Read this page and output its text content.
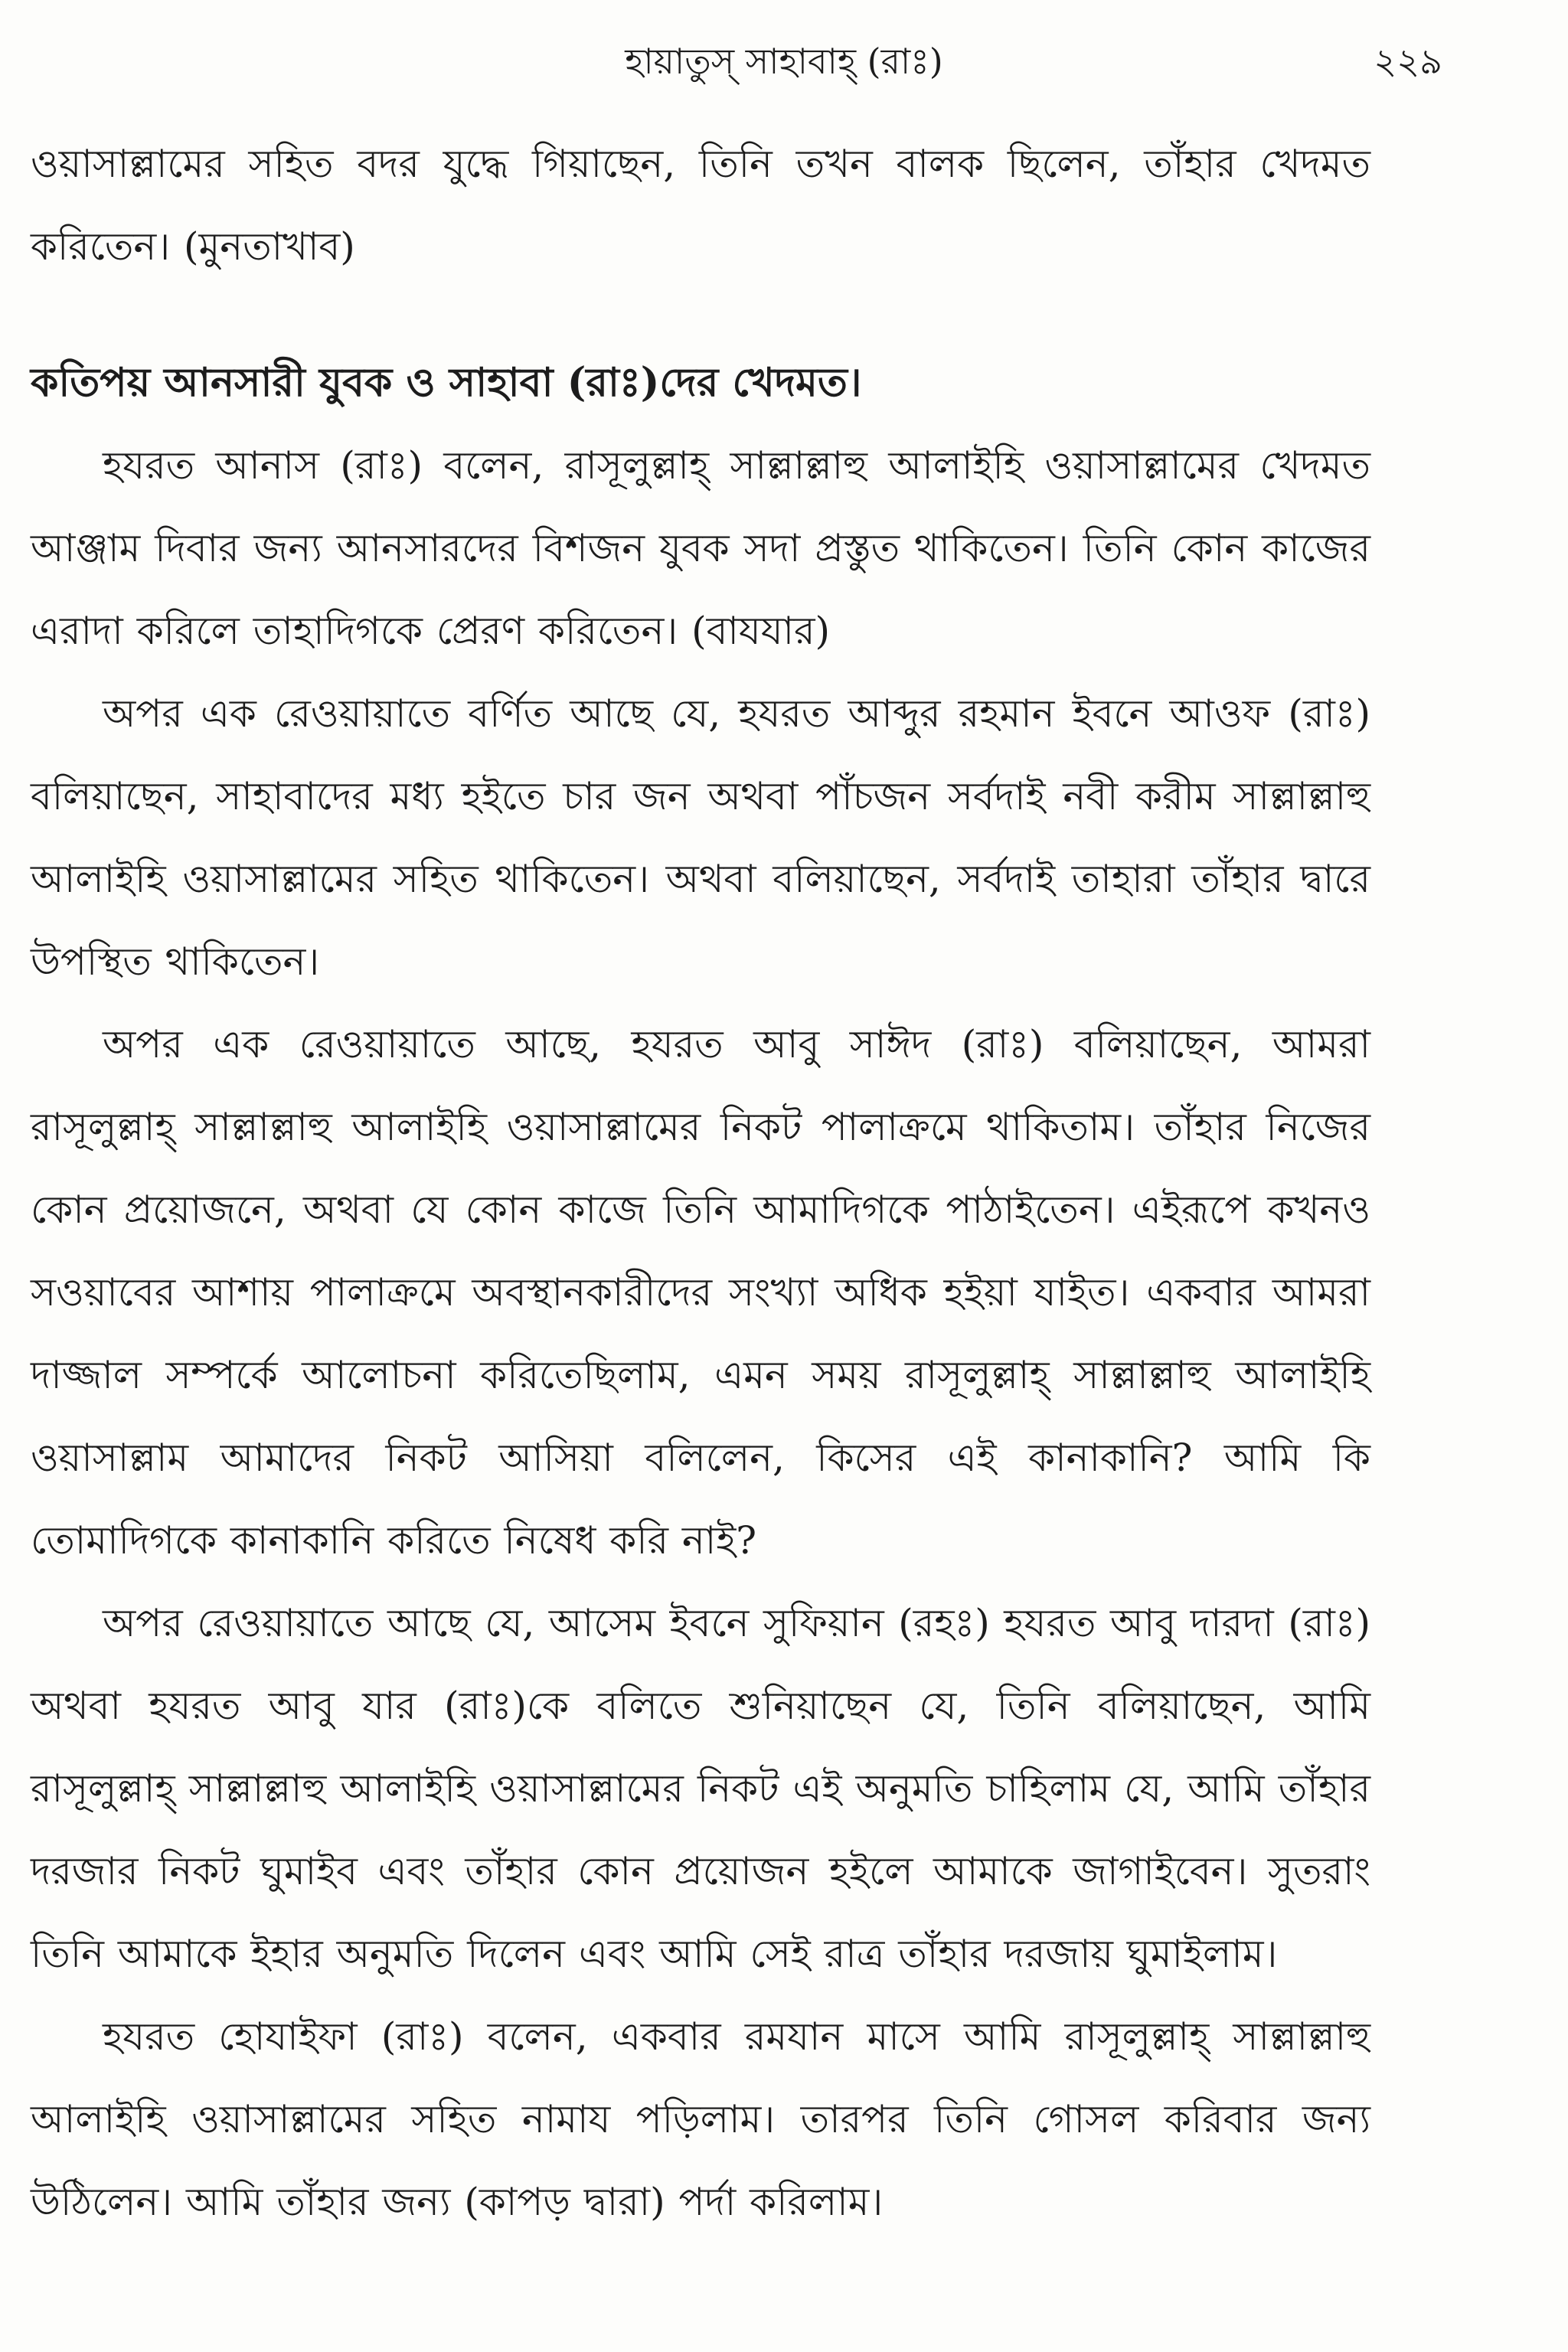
হায়াতুস্ সাহাবাহ্ (রাঃ)	২২৯

ওয়াসাল্লামের সহিত বদর যুদ্ধে গিয়াছেন, তিনি তখন বালক ছিলেন, তাঁহার খেদমত করিতেন। (মুনতাখাব)

কতিপয় আনসারী যুবক ও সাহাবা (রাঃ)দের খেদমত।

হযরত আনাস (রাঃ) বলেন, রাসূলুল্লাহ্ সাল্লাল্লাহু আলাইহি ওয়াসাল্লামের খেদমত আঞ্জাম দিবার জন্য আনসারদের বিশজন যুবক সদা প্রস্তুত থাকিতেন। তিনি কোন কাজের এরাদা করিলে তাহাদিগকে প্রেরণ করিতেন। (বাযযার)

অপর এক রেওয়ায়াতে বর্ণিত আছে যে, হযরত আব্দুর রহমান ইবনে আওফ (রাঃ) বলিয়াছেন, সাহাবাদের মধ্য হইতে চার জন অথবা পাঁচজন সর্বদাই নবী করীম সাল্লাল্লাহু আলাইহি ওয়াসাল্লামের সহিত থাকিতেন। অথবা বলিয়াছেন, সর্বদাই তাহারা তাঁহার দ্বারে উপস্থিত থাকিতেন।

অপর এক রেওয়ায়াতে আছে, হযরত আবু সাঈদ (রাঃ) বলিয়াছেন, আমরা রাসূলুল্লাহ্ সাল্লাল্লাহু আলাইহি ওয়াসাল্লামের নিকট পালাক্রমে থাকিতাম। তাঁহার নিজের কোন প্রয়োজনে, অথবা যে কোন কাজে তিনি আমাদিগকে পাঠাইতেন। এইরূপে কখনও সওয়াবের আশায় পালাক্রমে অবস্থানকারীদের সংখ্যা অধিক হইয়া যাইত। একবার আমরা দাজ্জাল সম্পর্কে আলোচনা করিতেছিলাম, এমন সময় রাসূলুল্লাহ্ সাল্লাল্লাহু আলাইহি ওয়াসাল্লাম আমাদের নিকট আসিয়া বলিলেন, কিসের এই কানাকানি? আমি কি তোমাদিগকে কানাকানি করিতে নিষেধ করি নাই?

অপর রেওয়ায়াতে আছে যে, আসেম ইবনে সুফিয়ান (রহঃ) হযরত আবু দারদা (রাঃ) অথবা হযরত আবু যার (রাঃ)কে বলিতে শুনিয়াছেন যে, তিনি বলিয়াছেন, আমি রাসূলুল্লাহ্ সাল্লাল্লাহু আলাইহি ওয়াসাল্লামের নিকট এই অনুমতি চাহিলাম যে, আমি তাঁহার দরজার নিকট ঘুমাইব এবং তাঁহার কোন প্রয়োজন হইলে আমাকে জাগাইবেন। সুতরাং তিনি আমাকে ইহার অনুমতি দিলেন এবং আমি সেই রাত্র তাঁহার দরজায় ঘুমাইলাম।

হযরত হোযাইফা (রাঃ) বলেন, একবার রমযান মাসে আমি রাসূলুল্লাহ্ সাল্লাল্লাহু আলাইহি ওয়াসাল্লামের সহিত নামায পড়িলাম। তারপর তিনি গোসল করিবার জন্য উঠিলেন। আমি তাঁহার জন্য (কাপড় দ্বারা) পর্দা করিলাম।
